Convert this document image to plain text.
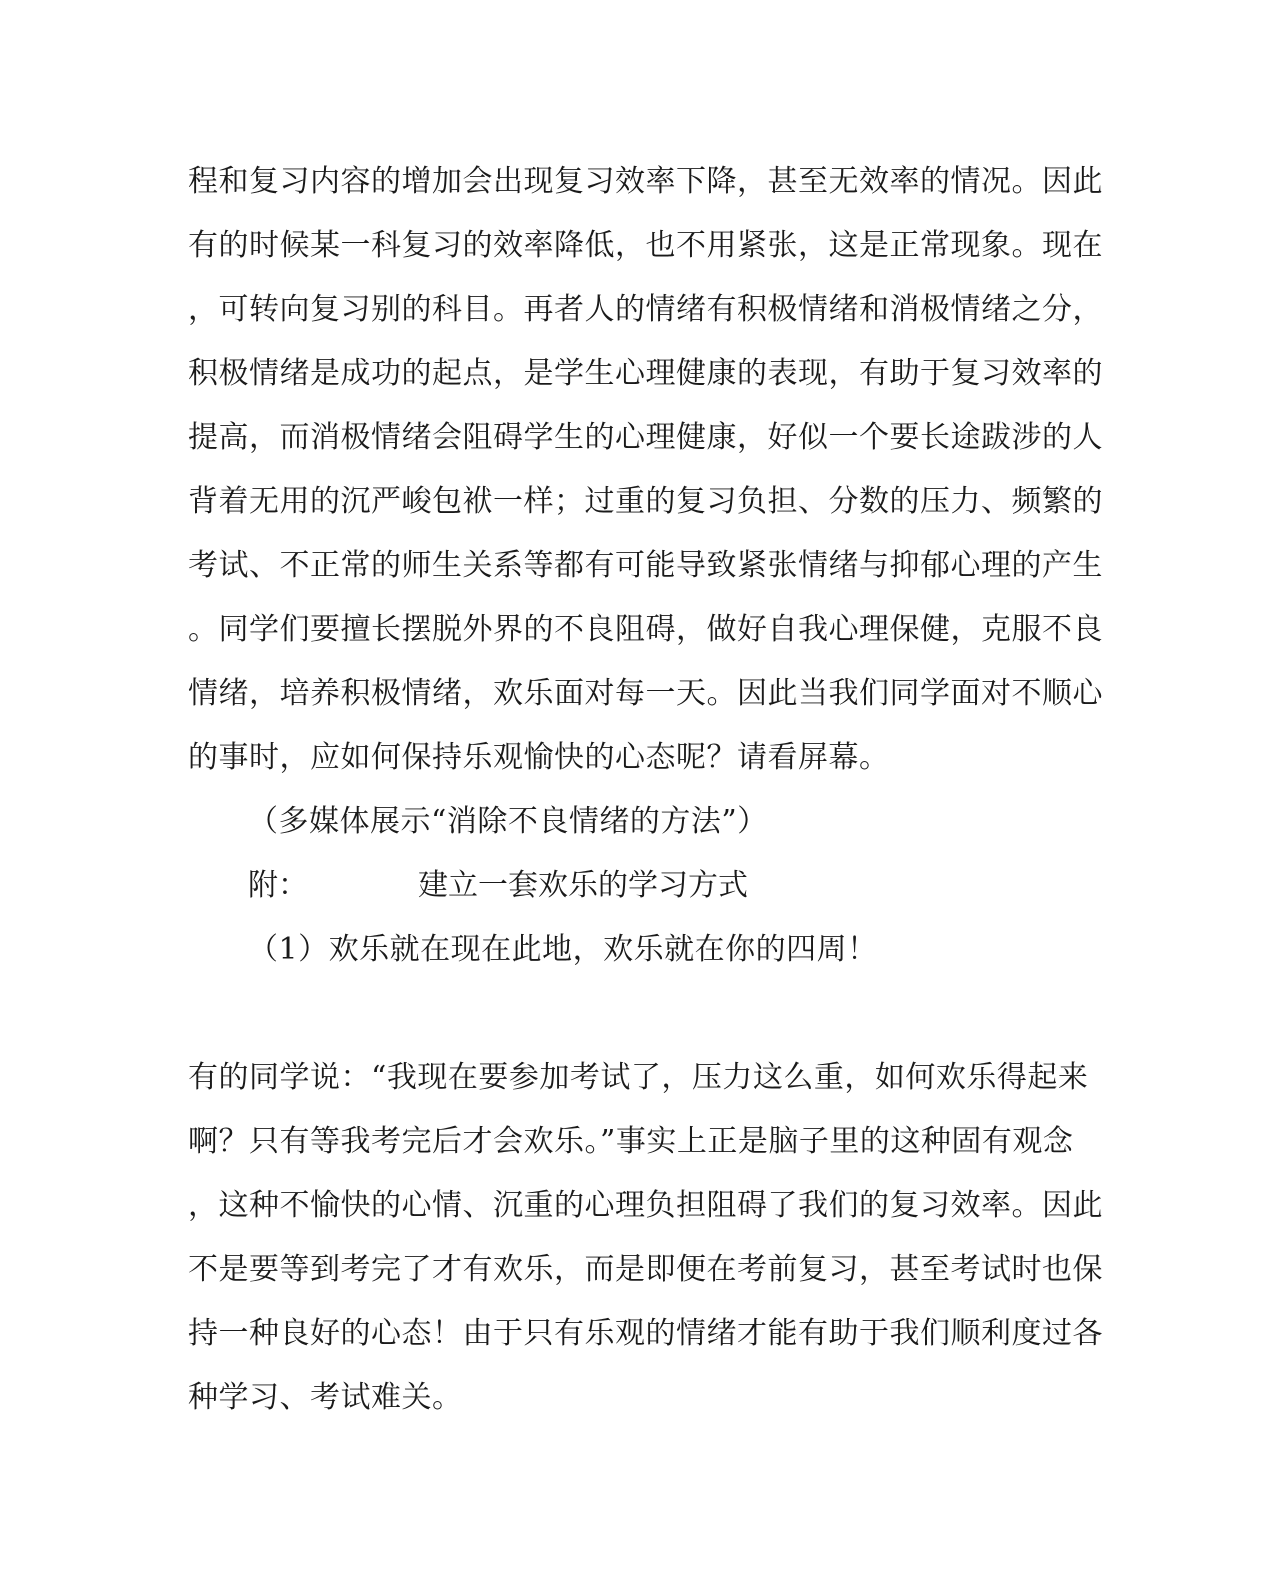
程和复习内容的增加会出现复习效率下降，甚至无效率的情况。因此
有的时候某一科复习的效率降低，也不用紧张，这是正常现象。现在
，可转向复习别的科目。再者人的情绪有积极情绪和消极情绪之分，
积极情绪是成功的起点，是学生心理健康的表现，有助于复习效率的
提高，而消极情绪会阻碍学生的心理健康，好似一个要长途跋涉的人
背着无用的沉严峻包袱一样；过重的复习负担、分数的压力、频繁的
考试、不正常的师生关系等都有可能导致紧张情绪与抑郁心理的产生
。同学们要擅长摆脱外界的不良阻碍，做好自我心理保健，克服不良
情绪，培养积极情绪，欢乐面对每一天。因此当我们同学面对不顺心
的事时，应如何保持乐观愉快的心态呢？请看屏幕。
（多媒体展示“消除不良情绪的方法”）
附：	建立一套欢乐的学习方式
（1）欢乐就在现在此地，欢乐就在你的四周！
有的同学说：“我现在要参加考试了，压力这么重，如何欢乐得起来
啊？只有等我考完后才会欢乐。”事实上正是脑子里的这种固有观念
，这种不愉快的心情、沉重的心理负担阻碍了我们的复习效率。因此
不是要等到考完了才有欢乐，而是即便在考前复习，甚至考试时也保
持一种良好的心态！由于只有乐观的情绪才能有助于我们顺利度过各
种学习、考试难关。
